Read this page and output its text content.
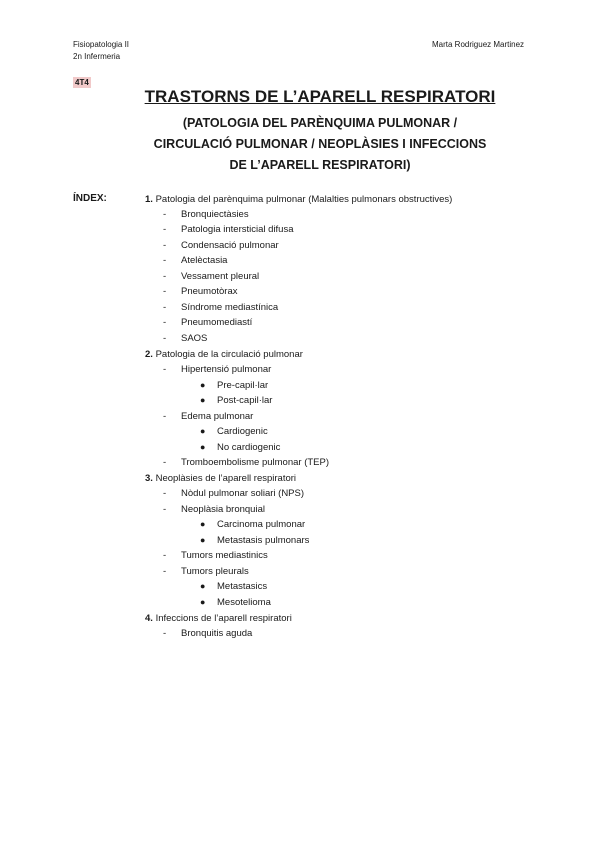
Fisiopatologia II
2n Infermeria
Marta Rodriguez Martinez
4T4
TRASTORNS DE L’APARELL RESPIRATORI
(PATOLOGIA DEL PARÈNQUIMA PULMONAR /
CIRCULACIÓ PULMONAR / NEOPLÀSIES I INFECCIONS
DE L’APARELL RESPIRATORI)
ÍNDEX:	1. Patologia del parènquima pulmonar (Malalties pulmonars obstructives)
- Bronquiectàsies
- Patologia intersticial difusa
- Condensació pulmonar
- Atelèctasia
- Vessament pleural
- Pneumotòrax
- Síndrome mediastínica
- Pneumomediastí
- SAOS
2. Patologia de la circulació pulmonar
- Hipertensió pulmonar
● Pre-capil·lar
● Post-capil·lar
- Edema pulmonar
● Cardiogenic
● No cardiogenic
- Tromboembolisme pulmonar (TEP)
3. Neoplàsies de l’aparell respiratori
- Nòdul pulmonar soliari (NPS)
- Neoplàsia bronquial
● Carcinoma pulmonar
● Metastasis pulmonars
- Tumors mediastinics
- Tumors pleurals
● Metastasics
● Mesotelioma
4. Infeccions de l’aparell respiratori
- Bronquitis aguda
